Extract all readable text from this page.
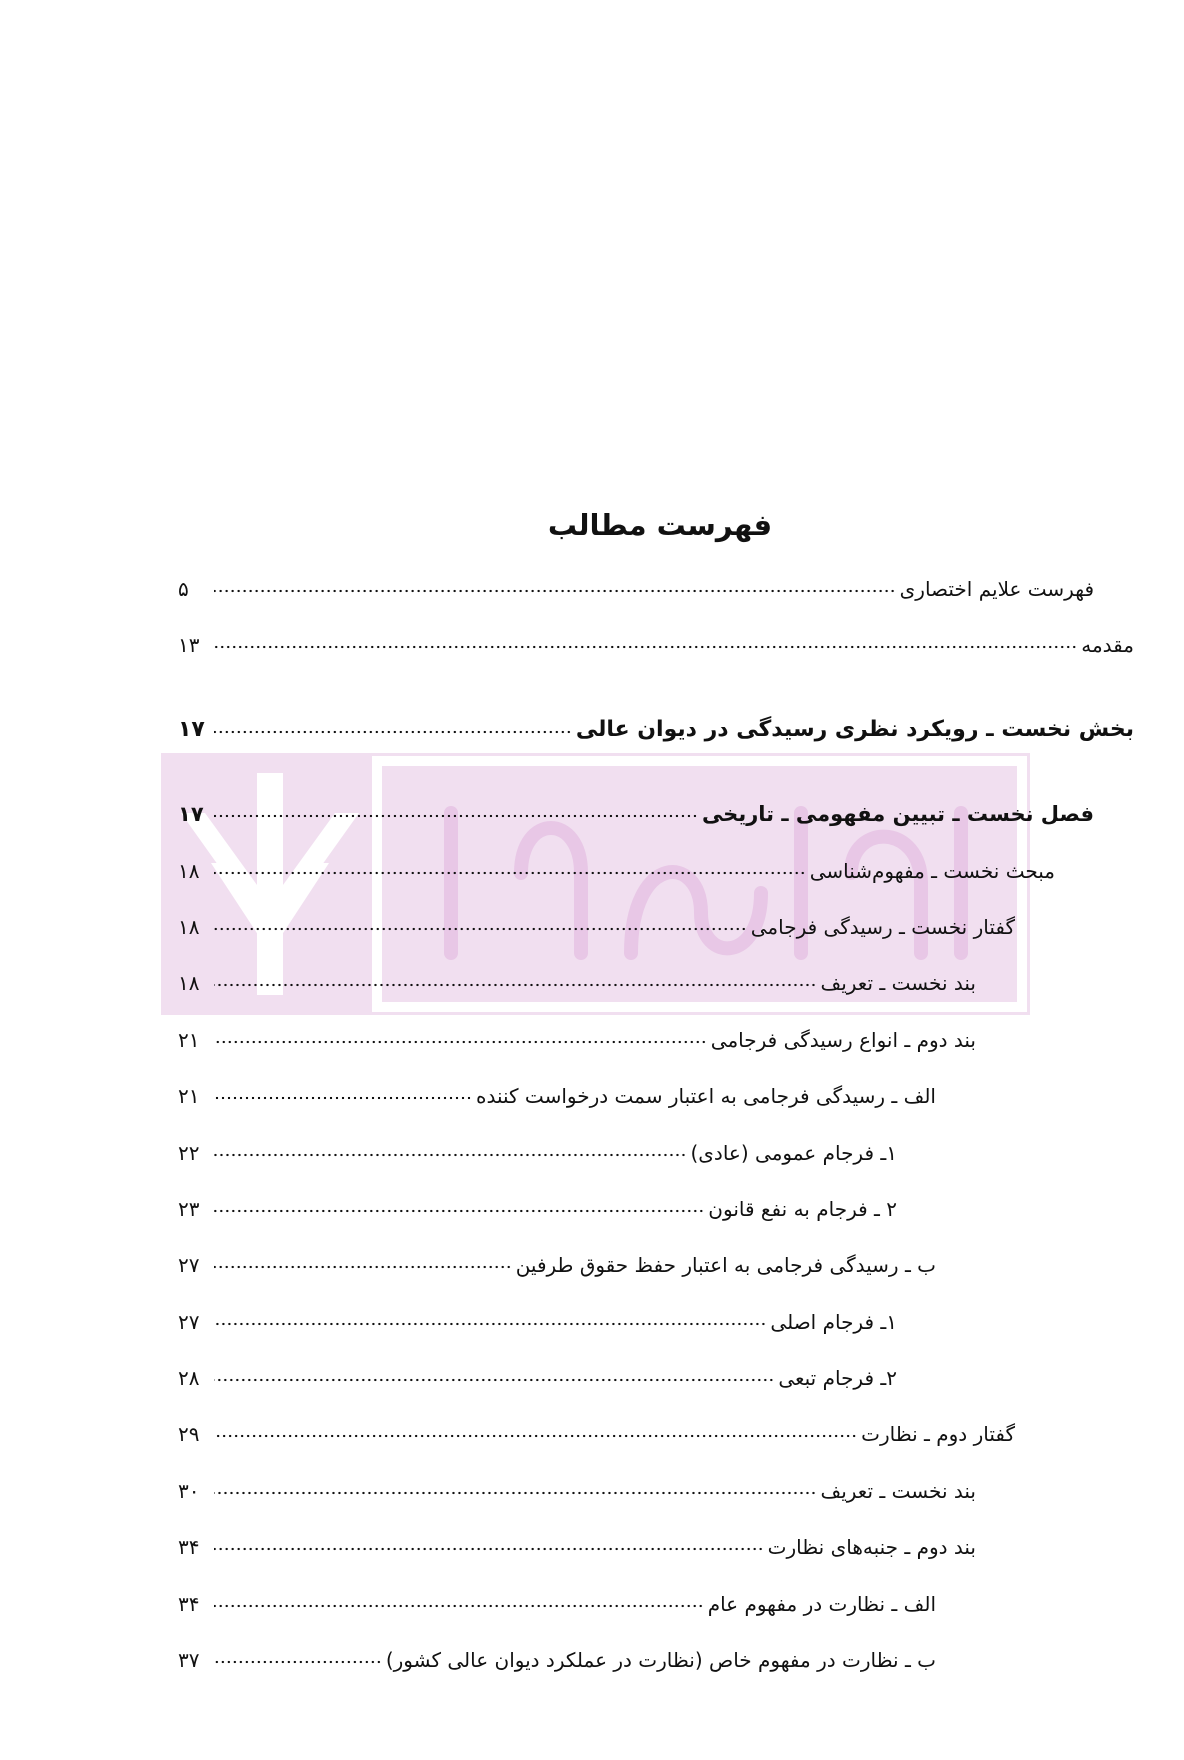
فهرست مطالب
فهرست علایم اختصاری
۵
مقدمه
۱۳
بخش نخست ـ رویکرد نظری رسیدگی در دیوان عالی
۱۷
فصل نخست ـ تبیین مفهومی ـ تاریخی
۱۷
مبحث نخست ـ مفهوم‌شناسی
۱۸
گفتار نخست ـ رسیدگی فرجامی
۱۸
بند نخست ـ تعریف
۱۸
بند دوم ـ انواع رسیدگی فرجامی
۲۱
الف ـ رسیدگی فرجامی به اعتبار سمت درخواست کننده
۲۱
۱ـ فرجام عمومی (عادی)
۲۲
۲ ـ فرجام به نفع قانون
۲۳
ب ـ رسیدگی فرجامی به اعتبار حفظ حقوق طرفین
۲۷
۱ـ فرجام اصلی
۲۷
۲ـ فرجام تبعی
۲۸
گفتار دوم ـ نظارت
۲۹
بند نخست ـ تعریف
۳۰
بند دوم ـ جنبه‌های نظارت
۳۴
الف ـ نظارت در مفهوم عام
۳۴
ب ـ نظارت در مفهوم خاص (نظارت در عملکرد دیوان عالی کشور)
۳۷
